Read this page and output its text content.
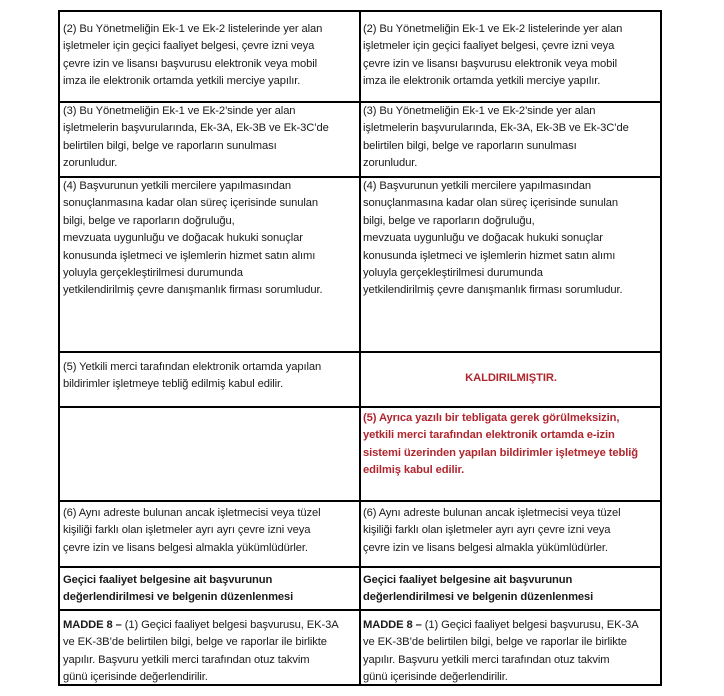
(2) Bu Yönetmeliğin Ek-1 ve Ek-2 listelerinde yer alan
işletmeler için geçici faaliyet belgesi, çevre izni veya
çevre izin ve lisansı başvurusu elektronik veya mobil
imza ile elektronik ortamda yetkili merciye yapılır.
(2) Bu Yönetmeliğin Ek-1 ve Ek-2 listelerinde yer alan
işletmeler için geçici faaliyet belgesi, çevre izni veya
çevre izin ve lisansı başvurusu elektronik veya mobil
imza ile elektronik ortamda yetkili merciye yapılır.
(3) Bu Yönetmeliğin Ek-1 ve Ek-2’sinde yer alan
işletmelerin başvurularında, Ek-3A, Ek-3B ve Ek-3C’de
belirtilen bilgi, belge ve raporların sunulması
zorunludur.
(3) Bu Yönetmeliğin Ek-1 ve Ek-2’sinde yer alan
işletmelerin başvurularında, Ek-3A, Ek-3B ve Ek-3C’de
belirtilen bilgi, belge ve raporların sunulması
zorunludur.
(4) Başvurunun yetkili mercilere yapılmasından
sonuçlanmasına kadar olan süreç içerisinde sunulan
bilgi, belge ve raporların doğruluğu,
mevzuata uygunluğu ve doğacak hukuki sonuçlar
konusunda işletmeci ve işlemlerin hizmet satın alımı
yoluyla gerçekleştirilmesi durumunda
yetkilendirilmiş çevre danışmanlık firması sorumludur.
(4) Başvurunun yetkili mercilere yapılmasından
sonuçlanmasına kadar olan süreç içerisinde sunulan
bilgi, belge ve raporların doğruluğu,
mevzuata uygunluğu ve doğacak hukuki sonuçlar
konusunda işletmeci ve işlemlerin hizmet satın alımı
yoluyla gerçekleştirilmesi durumunda
yetkilendirilmiş çevre danışmanlık firması sorumludur.
(5) Yetkili merci tarafından elektronik ortamda yapılan
bildirimler işletmeye tebliğ edilmiş kabul edilir.
KALDIRILMIŞTIR.
(5) Ayrıca yazılı bir tebligata gerek görülmeksizin,
yetkili merci tarafından elektronik ortamda e-izin
sistemi üzerinden yapılan bildirimler işletmeye tebliğ
edilmiş kabul edilir.
(6) Aynı adreste bulunan ancak işletmecisi veya tüzel
kişiliği farklı olan işletmeler ayrı ayrı çevre izni veya
çevre izin ve lisans belgesi almakla yükümlüdürler.
(6) Aynı adreste bulunan ancak işletmecisi veya tüzel
kişiliği farklı olan işletmeler ayrı ayrı çevre izni veya
çevre izin ve lisans belgesi almakla yükümlüdürler.
Geçici faaliyet belgesine ait başvurunun
değerlendirilmesi ve belgenin düzenlenmesi
Geçici faaliyet belgesine ait başvurunun
değerlendirilmesi ve belgenin düzenlenmesi
MADDE 8 – (1) Geçici faaliyet belgesi başvurusu, EK-3A
ve EK-3B’de belirtilen bilgi, belge ve raporlar ile birlikte
yapılır. Başvuru yetkili merci tarafından otuz takvim
günü içerisinde değerlendirilir.
MADDE 8 – (1) Geçici faaliyet belgesi başvurusu, EK-3A
ve EK-3B’de belirtilen bilgi, belge ve raporlar ile birlikte
yapılır. Başvuru yetkili merci tarafından otuz takvim
günü içerisinde değerlendirilir.
